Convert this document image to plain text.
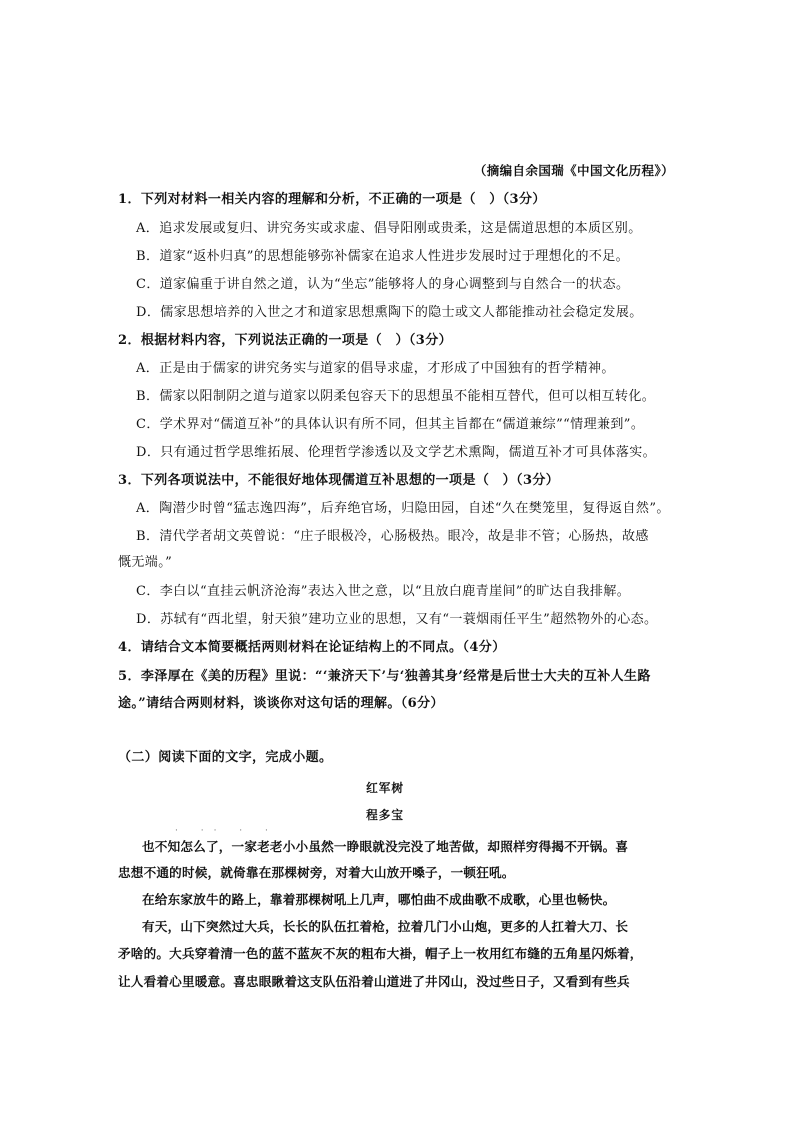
（摘编自余国瑞《中国文化历程》）
1．下列对材料一相关内容的理解和分析，不正确的一项是（　）（3分）
A．追求发展或复归、讲究务实或求虚、倡导阳刚或贵柔，这是儒道思想的本质区别。
B．道家“返朴归真”的思想能够弥补儒家在追求人性进步发展时过于理想化的不足。
C．道家偏重于讲自然之道，认为“坐忘”能够将人的身心调整到与自然合一的状态。
D．儒家思想培养的入世之才和道家思想熏陶下的隐士或文人都能推动社会稳定发展。
2．根据材料内容，下列说法正确的一项是（　）（3分）
A．正是由于儒家的讲究务实与道家的倡导求虚，才形成了中国独有的哲学精神。
B．儒家以阳制阴之道与道家以阴柔包容天下的思想虽不能相互替代，但可以相互转化。
C．学术界对“儒道互补”的具体认识有所不同，但其主旨都在“儒道兼综”“情理兼到”。
D．只有通过哲学思维拓展、伦理哲学渗透以及文学艺术熏陶，儒道互补才可具体落实。
3．下列各项说法中，不能很好地体现儒道互补思想的一项是（　）（3分）
A．陶潜少时曾“猛志逸四海”，后弃绝官场，归隐田园，自述“久在樊笼里，复得返自然”。
B．清代学者胡文英曾说：“庄子眼极冷，心肠极热。眼冷，故是非不管；心肠热，故感
慨无端。”
C．李白以“直挂云帆济沧海”表达入世之意，以“且放白鹿青崖间”的旷达自我排解。
D．苏轼有“西北望，射天狼”建功立业的思想，又有“一蓑烟雨任平生”超然物外的心态。
4．请结合文本简要概括两则材料在论证结构上的不同点。（4分）
5．李泽厚在《美的历程》里说：“‘兼济天下’与‘独善其身’经常是后世士大夫的互补人生路
途。”请结合两则材料，谈谈你对这句话的理解。（6分）
（二）阅读下面的文字，完成小题。
红军树
程多宝
· ·· · ·
也不知怎么了，一家老老小小虽然一睁眼就没完没了地苦做，却照样穷得揭不开锅。喜
忠想不通的时候，就倚靠在那棵树旁，对着大山放开嗓子，一顿狂吼。
在给东家放牛的路上，靠着那棵树吼上几声，哪怕曲不成曲歌不成歌，心里也畅快。
有天，山下突然过大兵，长长的队伍扛着枪，拉着几门小山炮，更多的人扛着大刀、长
矛啥的。大兵穿着清一色的蓝不蓝灰不灰的粗布大褂，帽子上一枚用红布缝的五角星闪烁着，
让人看着心里暖意。喜忠眼瞅着这支队伍沿着山道进了井冈山，没过些日子，又看到有些兵
